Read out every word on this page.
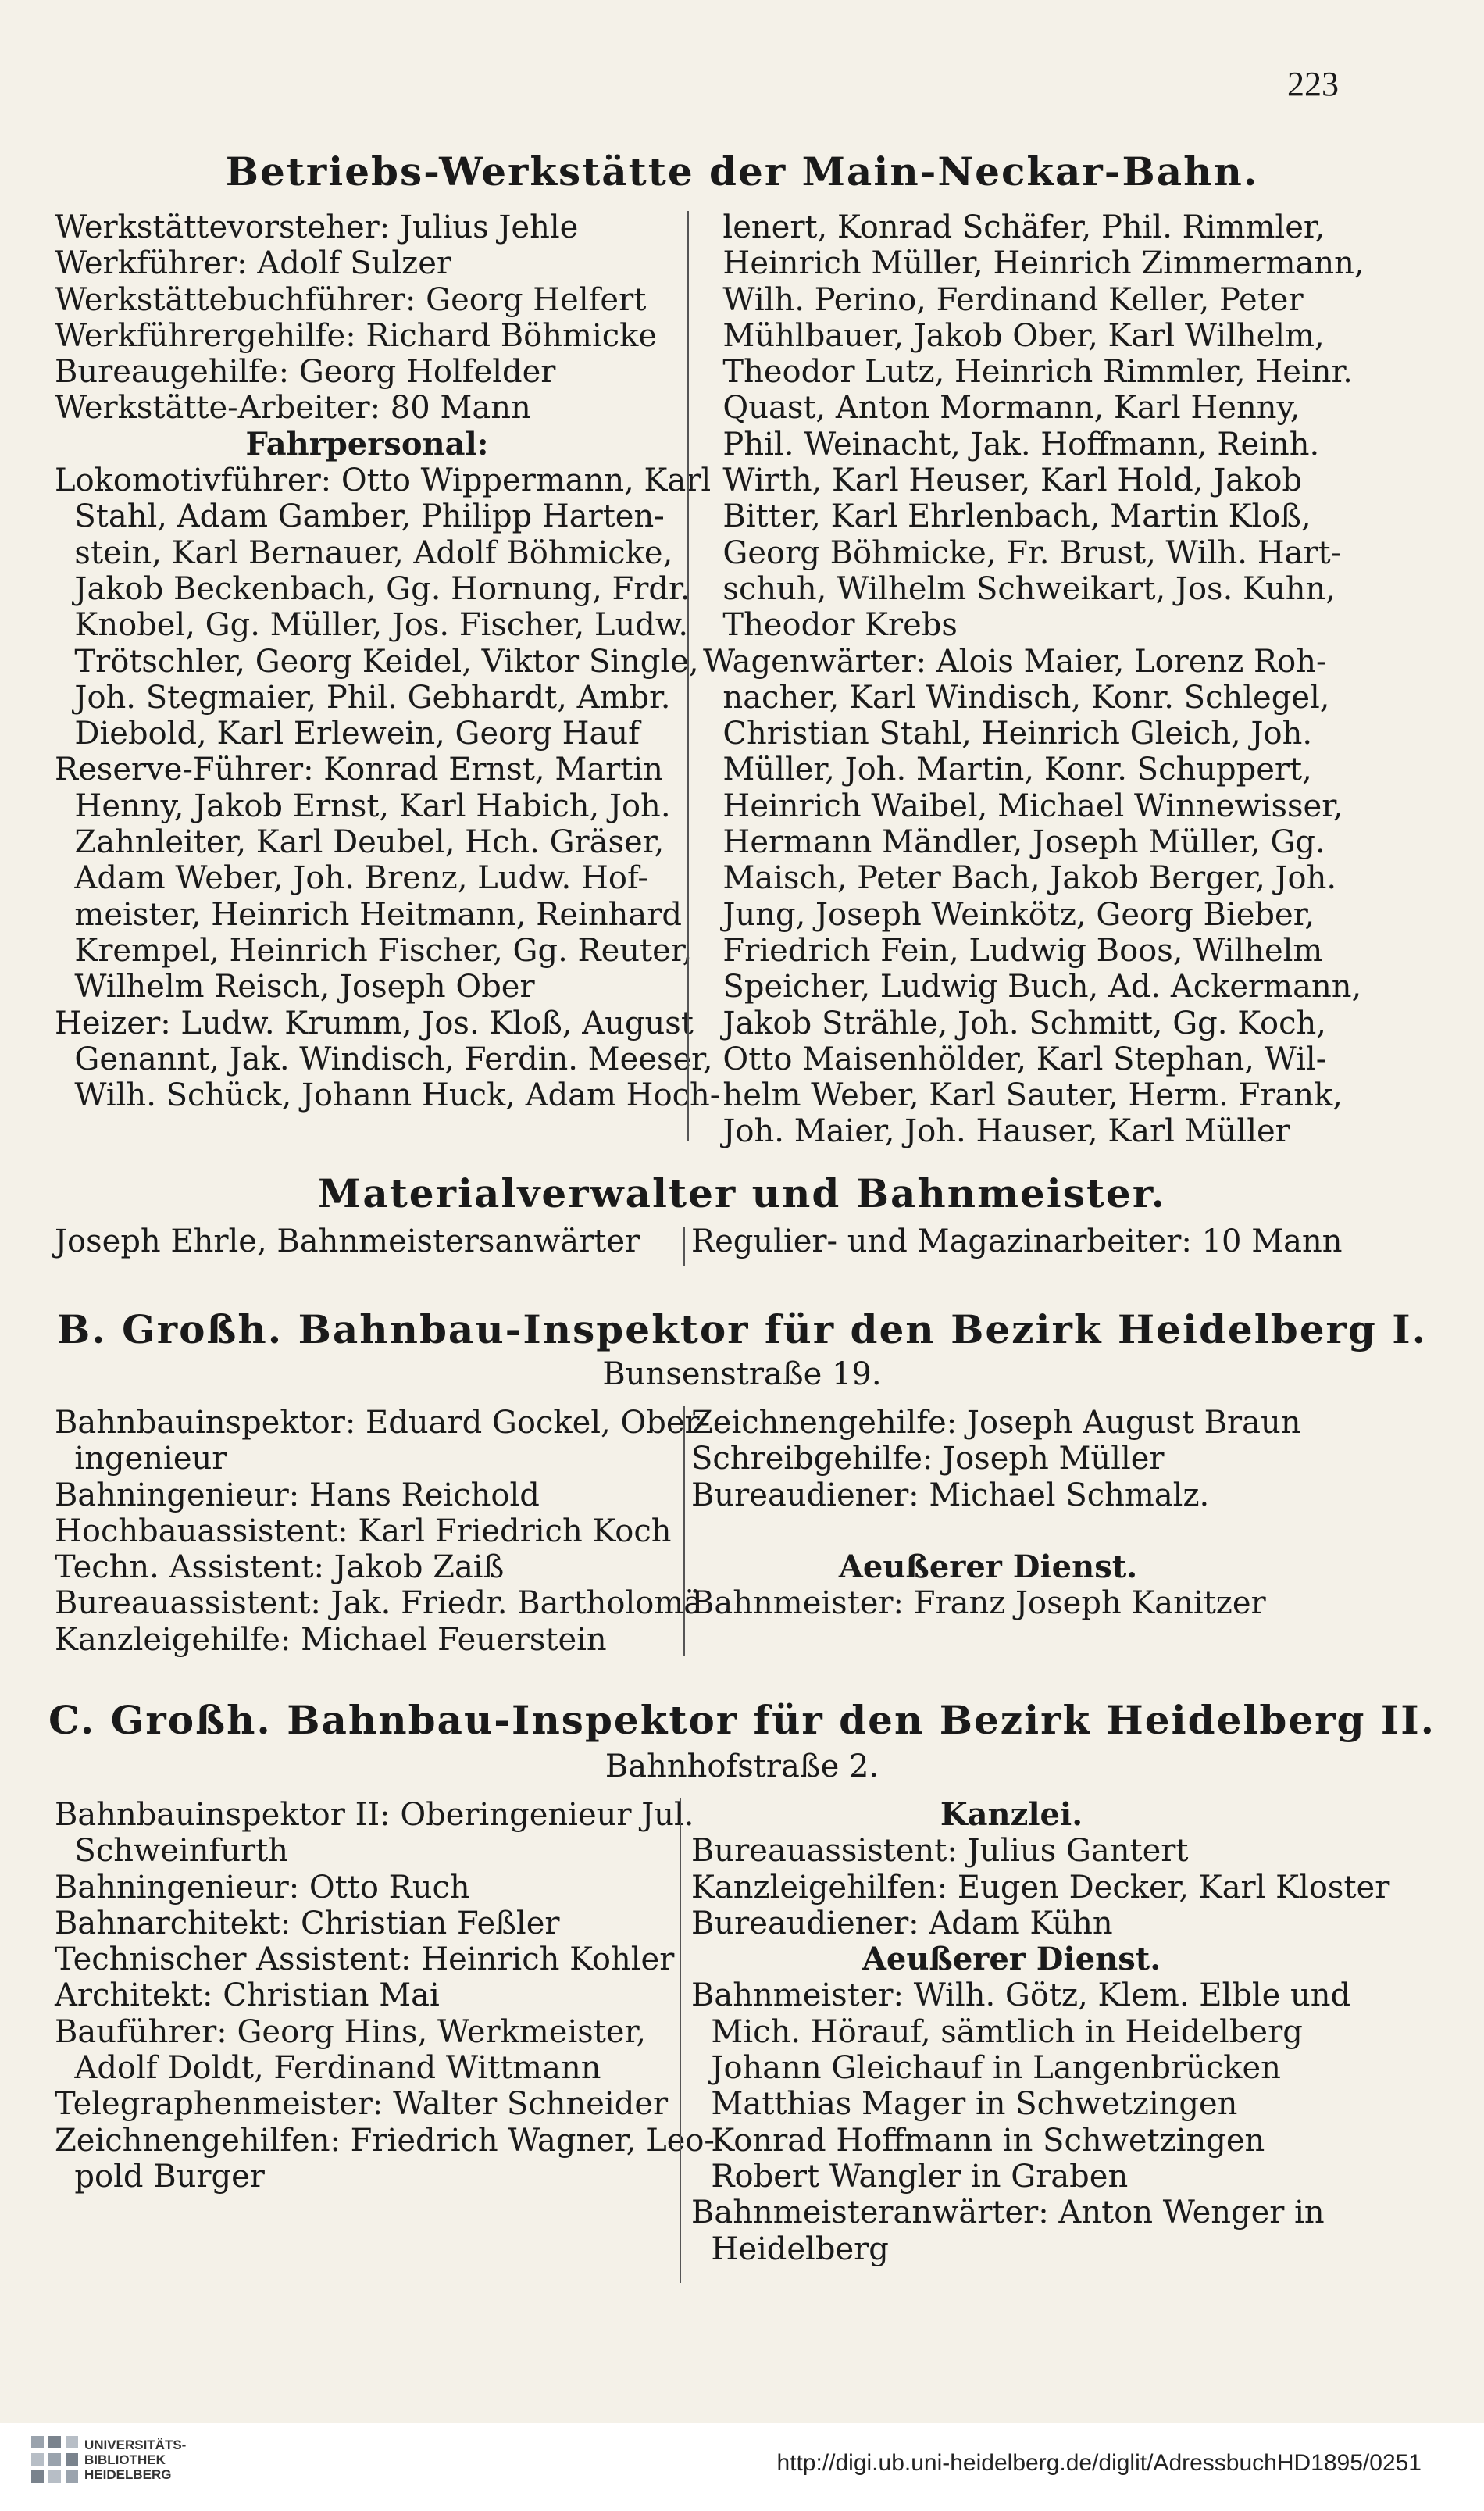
223
Betriebs-Werkstätte der Main-Neckar-Bahn.
Werkstättevorsteher: Julius Jehle
Werkführer: Adolf Sulzer
Werkstättebuchführer: Georg Helfert
Werkführergehilfe: Richard Böhmicke
Bureaugehilfe: Georg Holfelder
Werkstätte-Arbeiter: 80 Mann
Fahrpersonal:
Lokomotivführer: Otto Wippermann, Karl
Stahl, Adam Gamber, Philipp Harten-
stein, Karl Bernauer, Adolf Böhmicke,
Jakob Beckenbach, Gg. Hornung, Frdr.
Knobel, Gg. Müller, Jos. Fischer, Ludw.
Trötschler, Georg Keidel, Viktor Single,
Joh. Stegmaier, Phil. Gebhardt, Ambr.
Diebold, Karl Erlewein, Georg Hauf
Reserve-Führer: Konrad Ernst, Martin
Henny, Jakob Ernst, Karl Habich, Joh.
Zahnleiter, Karl Deubel, Hch. Gräser,
Adam Weber, Joh. Brenz, Ludw. Hof-
meister, Heinrich Heitmann, Reinhard
Krempel, Heinrich Fischer, Gg. Reuter,
Wilhelm Reisch, Joseph Ober
Heizer: Ludw. Krumm, Jos. Kloß, August
Genannt, Jak. Windisch, Ferdin. Meeser,
Wilh. Schück, Johann Huck, Adam Hoch-
lenert, Konrad Schäfer, Phil. Rimmler,
Heinrich Müller, Heinrich Zimmermann,
Wilh. Perino, Ferdinand Keller, Peter
Mühlbauer, Jakob Ober, Karl Wilhelm,
Theodor Lutz, Heinrich Rimmler, Heinr.
Quast, Anton Mormann, Karl Henny,
Phil. Weinacht, Jak. Hoffmann, Reinh.
Wirth, Karl Heuser, Karl Hold, Jakob
Bitter, Karl Ehrlenbach, Martin Kloß,
Georg Böhmicke, Fr. Brust, Wilh. Hart-
schuh, Wilhelm Schweikart, Jos. Kuhn,
Theodor Krebs
Wagenwärter: Alois Maier, Lorenz Roh-
nacher, Karl Windisch, Konr. Schlegel,
Christian Stahl, Heinrich Gleich, Joh.
Müller, Joh. Martin, Konr. Schuppert,
Heinrich Waibel, Michael Winnewisser,
Hermann Mändler, Joseph Müller, Gg.
Maisch, Peter Bach, Jakob Berger, Joh.
Jung, Joseph Weinkötz, Georg Bieber,
Friedrich Fein, Ludwig Boos, Wilhelm
Speicher, Ludwig Buch, Ad. Ackermann,
Jakob Strähle, Joh. Schmitt, Gg. Koch,
Otto Maisenhölder, Karl Stephan, Wil-
helm Weber, Karl Sauter, Herm. Frank,
Joh. Maier, Joh. Hauser, Karl Müller
Materialverwalter und Bahnmeister.
Joseph Ehrle, Bahnmeistersanwärter Regulier- und Magazinarbeiter: 10 Mann
B. Großh. Bahnbau-Inspektor für den Bezirk Heidelberg I.
Bunsenstraße 19.
Bahnbauinspektor: Eduard Gockel, Ober-
ingenieur
Bahningenieur: Hans Reichold
Hochbauassistent: Karl Friedrich Koch
Techn. Assistent: Jakob Zaiß
Bureauassistent: Jak. Friedr. Bartholomä
Kanzleigehilfe: Michael Feuerstein
Zeichnengehilfe: Joseph August Braun
Schreibgehilfe: Joseph Müller
Bureaudiener: Michael Schmalz.
Aeußerer Dienst.
Bahnmeister: Franz Joseph Kanitzer
C. Großh. Bahnbau-Inspektor für den Bezirk Heidelberg II.
Bahnhofstraße 2.
Bahnbauinspektor II: Oberingenieur Jul.
Schweinfurth
Bahningenieur: Otto Ruch
Bahnarchitekt: Christian Feßler
Technischer Assistent: Heinrich Kohler
Architekt: Christian Mai
Bauführer: Georg Hins, Werkmeister,
Adolf Doldt, Ferdinand Wittmann
Telegraphenmeister: Walter Schneider
Zeichnengehilfen: Friedrich Wagner, Leo-
pold Burger
Kanzlei.
Bureauassistent: Julius Gantert
Kanzleigehilfen: Eugen Decker, Karl Kloster
Bureaudiener: Adam Kühn
Aeußerer Dienst.
Bahnmeister: Wilh. Götz, Klem. Elble und
Mich. Hörauf, sämtlich in Heidelberg
Johann Gleichauf in Langenbrücken
Matthias Mager in Schwetzingen
Konrad Hoffmann in Schwetzingen
Robert Wangler in Graben
Bahnmeisteranwärter: Anton Wenger in
Heidelberg
UNIVERSITÄTS-
BIBLIOTHEK
HEIDELBERG	http://digi.ub.uni-heidelberg.de/diglit/AdressbuchHD1895/0251
